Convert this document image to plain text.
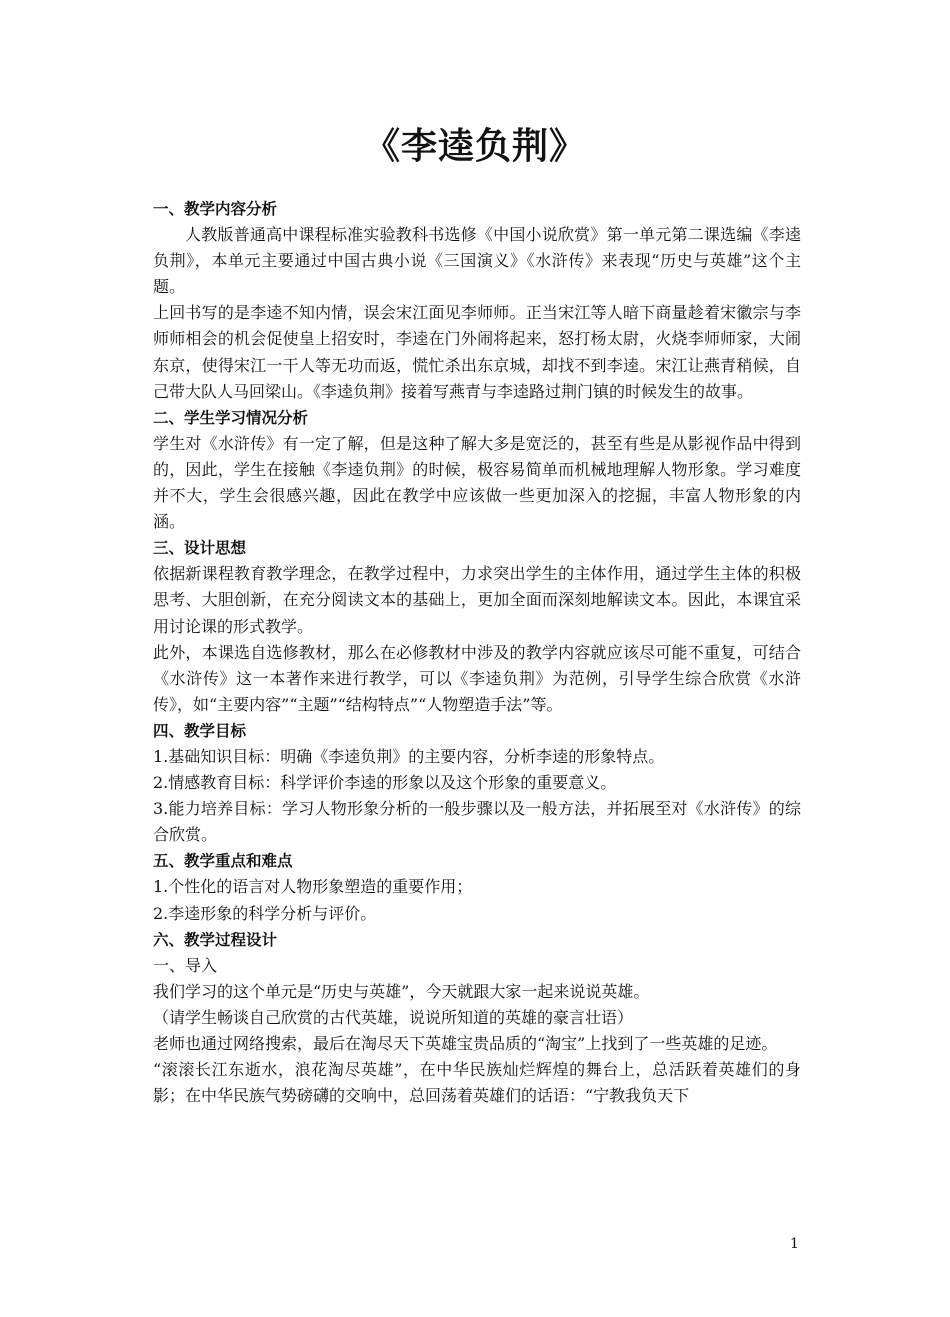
《李逵负荆》

一、教学内容分析

人教版普通高中课程标准实验教科书选修《中国小说欣赏》第一单元第二课选编《李逵负荆》，本单元主要通过中国古典小说《三国演义》《水浒传》来表现“历史与英雄”这个主题。

上回书写的是李逵不知内情，误会宋江面见李师师。正当宋江等人暗下商量趁着宋徽宗与李师师相会的机会促使皇上招安时，李逵在门外闹将起来，怒打杨太尉，火烧李师师家，大闹东京，使得宋江一干人等无功而返，慌忙杀出东京城，却找不到李逵。宋江让燕青稍候，自己带大队人马回梁山。《李逵负荆》接着写燕青与李逵路过荆门镇的时候发生的故事。

二、学生学习情况分析

学生对《水浒传》有一定了解，但是这种了解大多是宽泛的，甚至有些是从影视作品中得到的，因此，学生在接触《李逵负荆》的时候，极容易简单而机械地理解人物形象。学习难度并不大，学生会很感兴趣，因此在教学中应该做一些更加深入的挖掘，丰富人物形象的内涵。

三、设计思想

依据新课程教育教学理念，在教学过程中，力求突出学生的主体作用，通过学生主体的积极思考、大胆创新，在充分阅读文本的基础上，更加全面而深刻地解读文本。因此，本课宜采用讨论课的形式教学。

此外，本课选自选修教材，那么在必修教材中涉及的教学内容就应该尽可能不重复，可结合《水浒传》这一本著作来进行教学，可以《李逵负荆》为范例，引导学生综合欣赏《水浒传》，如“主要内容”“主题”“结构特点”“人物塑造手法”等。

四、教学目标

1.基础知识目标：明确《李逵负荆》的主要内容，分析李逵的形象特点。

2.情感教育目标：科学评价李逵的形象以及这个形象的重要意义。

3.能力培养目标：学习人物形象分析的一般步骤以及一般方法，并拓展至对《水浒传》的综合欣赏。

五、教学重点和难点

1.个性化的语言对人物形象塑造的重要作用；

2.李逵形象的科学分析与评价。

六、教学过程设计

一、导入

我们学习的这个单元是“历史与英雄”，今天就跟大家一起来说说英雄。

（请学生畅谈自己欣赏的古代英雄，说说所知道的英雄的豪言壮语）

老师也通过网络搜索，最后在淘尽天下英雄宝贵品质的“淘宝”上找到了一些英雄的足迹。

“滚滚长江东逝水，浪花淘尽英雄”，在中华民族灿烂辉煌的舞台上，总活跃着英雄们的身影；在中华民族气势磅礴的交响中，总回荡着英雄们的话语：“宁教我负天下

1
